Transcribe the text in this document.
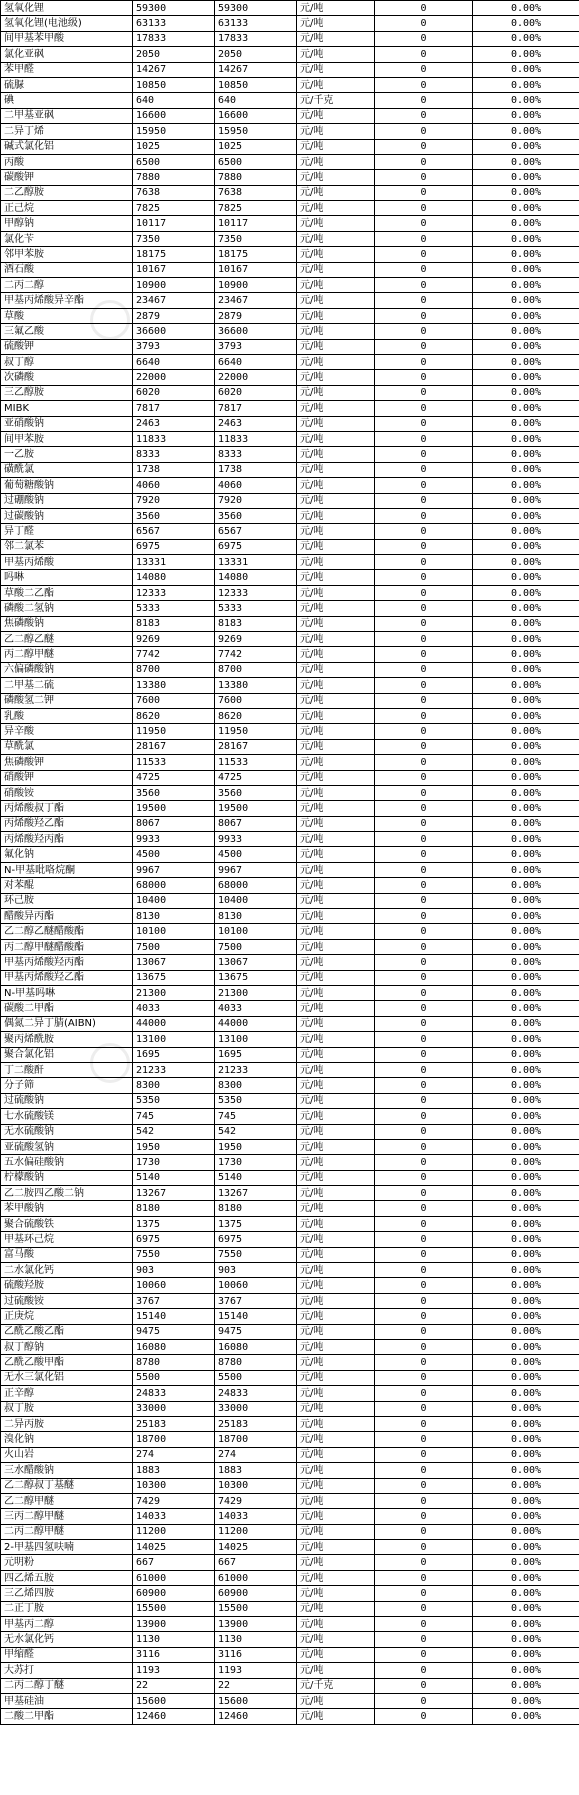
氢氧化锂	59300	59300	元/吨	0	0.00%
氢氧化锂(电池级)	63133	63133	元/吨	0	0.00%
间甲基苯甲酸	17833	17833	元/吨	0	0.00%
氯化亚砜	2050	2050	元/吨	0	0.00%
苯甲醛	14267	14267	元/吨	0	0.00%
硫脲	10850	10850	元/吨	0	0.00%
碘	640	640	元/千克	0	0.00%
二甲基亚砜	16600	16600	元/吨	0	0.00%
二异丁烯	15950	15950	元/吨	0	0.00%
碱式氯化铝	1025	1025	元/吨	0	0.00%
丙酸	6500	6500	元/吨	0	0.00%
碳酸钾	7880	7880	元/吨	0	0.00%
二乙醇胺	7638	7638	元/吨	0	0.00%
正己烷	7825	7825	元/吨	0	0.00%
甲醇钠	10117	10117	元/吨	0	0.00%
氯化苄	7350	7350	元/吨	0	0.00%
邻甲苯胺	18175	18175	元/吨	0	0.00%
酒石酸	10167	10167	元/吨	0	0.00%
二丙二醇	10900	10900	元/吨	0	0.00%
甲基丙烯酸异辛酯	23467	23467	元/吨	0	0.00%
草酸	2879	2879	元/吨	0	0.00%
三氟乙酸	36600	36600	元/吨	0	0.00%
硫酸钾	3793	3793	元/吨	0	0.00%
叔丁醇	6640	6640	元/吨	0	0.00%
次磷酸	22000	22000	元/吨	0	0.00%
三乙醇胺	6020	6020	元/吨	0	0.00%
MIBK	7817	7817	元/吨	0	0.00%
亚硝酸钠	2463	2463	元/吨	0	0.00%
间甲苯胺	11833	11833	元/吨	0	0.00%
一乙胺	8333	8333	元/吨	0	0.00%
磺酰氯	1738	1738	元/吨	0	0.00%
葡萄糖酸钠	4060	4060	元/吨	0	0.00%
过硼酸钠	7920	7920	元/吨	0	0.00%
过碳酸钠	3560	3560	元/吨	0	0.00%
异丁醛	6567	6567	元/吨	0	0.00%
邻二氯苯	6975	6975	元/吨	0	0.00%
甲基丙烯酸	13331	13331	元/吨	0	0.00%
吗啉	14080	14080	元/吨	0	0.00%
草酸二乙酯	12333	12333	元/吨	0	0.00%
磷酸二氢钠	5333	5333	元/吨	0	0.00%
焦磷酸钠	8183	8183	元/吨	0	0.00%
乙二醇乙醚	9269	9269	元/吨	0	0.00%
丙二醇甲醚	7742	7742	元/吨	0	0.00%
六偏磷酸钠	8700	8700	元/吨	0	0.00%
二甲基二硫	13380	13380	元/吨	0	0.00%
磷酸氢二钾	7600	7600	元/吨	0	0.00%
乳酸	8620	8620	元/吨	0	0.00%
异辛酸	11950	11950	元/吨	0	0.00%
草酰氯	28167	28167	元/吨	0	0.00%
焦磷酸钾	11533	11533	元/吨	0	0.00%
硝酸钾	4725	4725	元/吨	0	0.00%
硝酸铵	3560	3560	元/吨	0	0.00%
丙烯酸叔丁酯	19500	19500	元/吨	0	0.00%
丙烯酸羟乙酯	8067	8067	元/吨	0	0.00%
丙烯酸羟丙酯	9933	9933	元/吨	0	0.00%
氟化钠	4500	4500	元/吨	0	0.00%
N-甲基吡咯烷酮	9967	9967	元/吨	0	0.00%
对苯醌	68000	68000	元/吨	0	0.00%
环己胺	10400	10400	元/吨	0	0.00%
醋酸异丙酯	8130	8130	元/吨	0	0.00%
乙二醇乙醚醋酸酯	10100	10100	元/吨	0	0.00%
丙二醇甲醚醋酸酯	7500	7500	元/吨	0	0.00%
甲基丙烯酸羟丙酯	13067	13067	元/吨	0	0.00%
甲基丙烯酸羟乙酯	13675	13675	元/吨	0	0.00%
N-甲基吗啉	21300	21300	元/吨	0	0.00%
碳酸二甲酯	4033	4033	元/吨	0	0.00%
偶氮二异丁腈(AIBN)	44000	44000	元/吨	0	0.00%
聚丙烯酰胺	13100	13100	元/吨	0	0.00%
聚合氯化铝	1695	1695	元/吨	0	0.00%
丁二酸酐	21233	21233	元/吨	0	0.00%
分子筛	8300	8300	元/吨	0	0.00%
过硫酸钠	5350	5350	元/吨	0	0.00%
七水硫酸镁	745	745	元/吨	0	0.00%
无水硫酸钠	542	542	元/吨	0	0.00%
亚硫酸氢钠	1950	1950	元/吨	0	0.00%
五水偏硅酸钠	1730	1730	元/吨	0	0.00%
柠檬酸钠	5140	5140	元/吨	0	0.00%
乙二胺四乙酸二钠	13267	13267	元/吨	0	0.00%
苯甲酸钠	8180	8180	元/吨	0	0.00%
聚合硫酸铁	1375	1375	元/吨	0	0.00%
甲基环己烷	6975	6975	元/吨	0	0.00%
富马酸	7550	7550	元/吨	0	0.00%
二水氯化钙	903	903	元/吨	0	0.00%
硫酸羟胺	10060	10060	元/吨	0	0.00%
过硫酸铵	3767	3767	元/吨	0	0.00%
正庚烷	15140	15140	元/吨	0	0.00%
乙酰乙酸乙酯	9475	9475	元/吨	0	0.00%
叔丁醇钠	16080	16080	元/吨	0	0.00%
乙酰乙酸甲酯	8780	8780	元/吨	0	0.00%
无水三氯化铝	5500	5500	元/吨	0	0.00%
正辛醇	24833	24833	元/吨	0	0.00%
叔丁胺	33000	33000	元/吨	0	0.00%
二异丙胺	25183	25183	元/吨	0	0.00%
溴化钠	18700	18700	元/吨	0	0.00%
火山岩	274	274	元/吨	0	0.00%
三水醋酸钠	1883	1883	元/吨	0	0.00%
乙二醇叔丁基醚	10300	10300	元/吨	0	0.00%
乙二醇甲醚	7429	7429	元/吨	0	0.00%
三丙二醇甲醚	14033	14033	元/吨	0	0.00%
二丙二醇甲醚	11200	11200	元/吨	0	0.00%
2-甲基四氢呋喃	14025	14025	元/吨	0	0.00%
元明粉	667	667	元/吨	0	0.00%
四乙烯五胺	61000	61000	元/吨	0	0.00%
三乙烯四胺	60900	60900	元/吨	0	0.00%
二正丁胺	15500	15500	元/吨	0	0.00%
甲基丙二醇	13900	13900	元/吨	0	0.00%
无水氯化钙	1130	1130	元/吨	0	0.00%
甲缩醛	3116	3116	元/吨	0	0.00%
大苏打	1193	1193	元/吨	0	0.00%
二丙二醇丁醚	22	22	元/千克	0	0.00%
甲基硅油	15600	15600	元/吨	0	0.00%
二酸二甲酯	12460	12460	元/吨	0	0.00%
